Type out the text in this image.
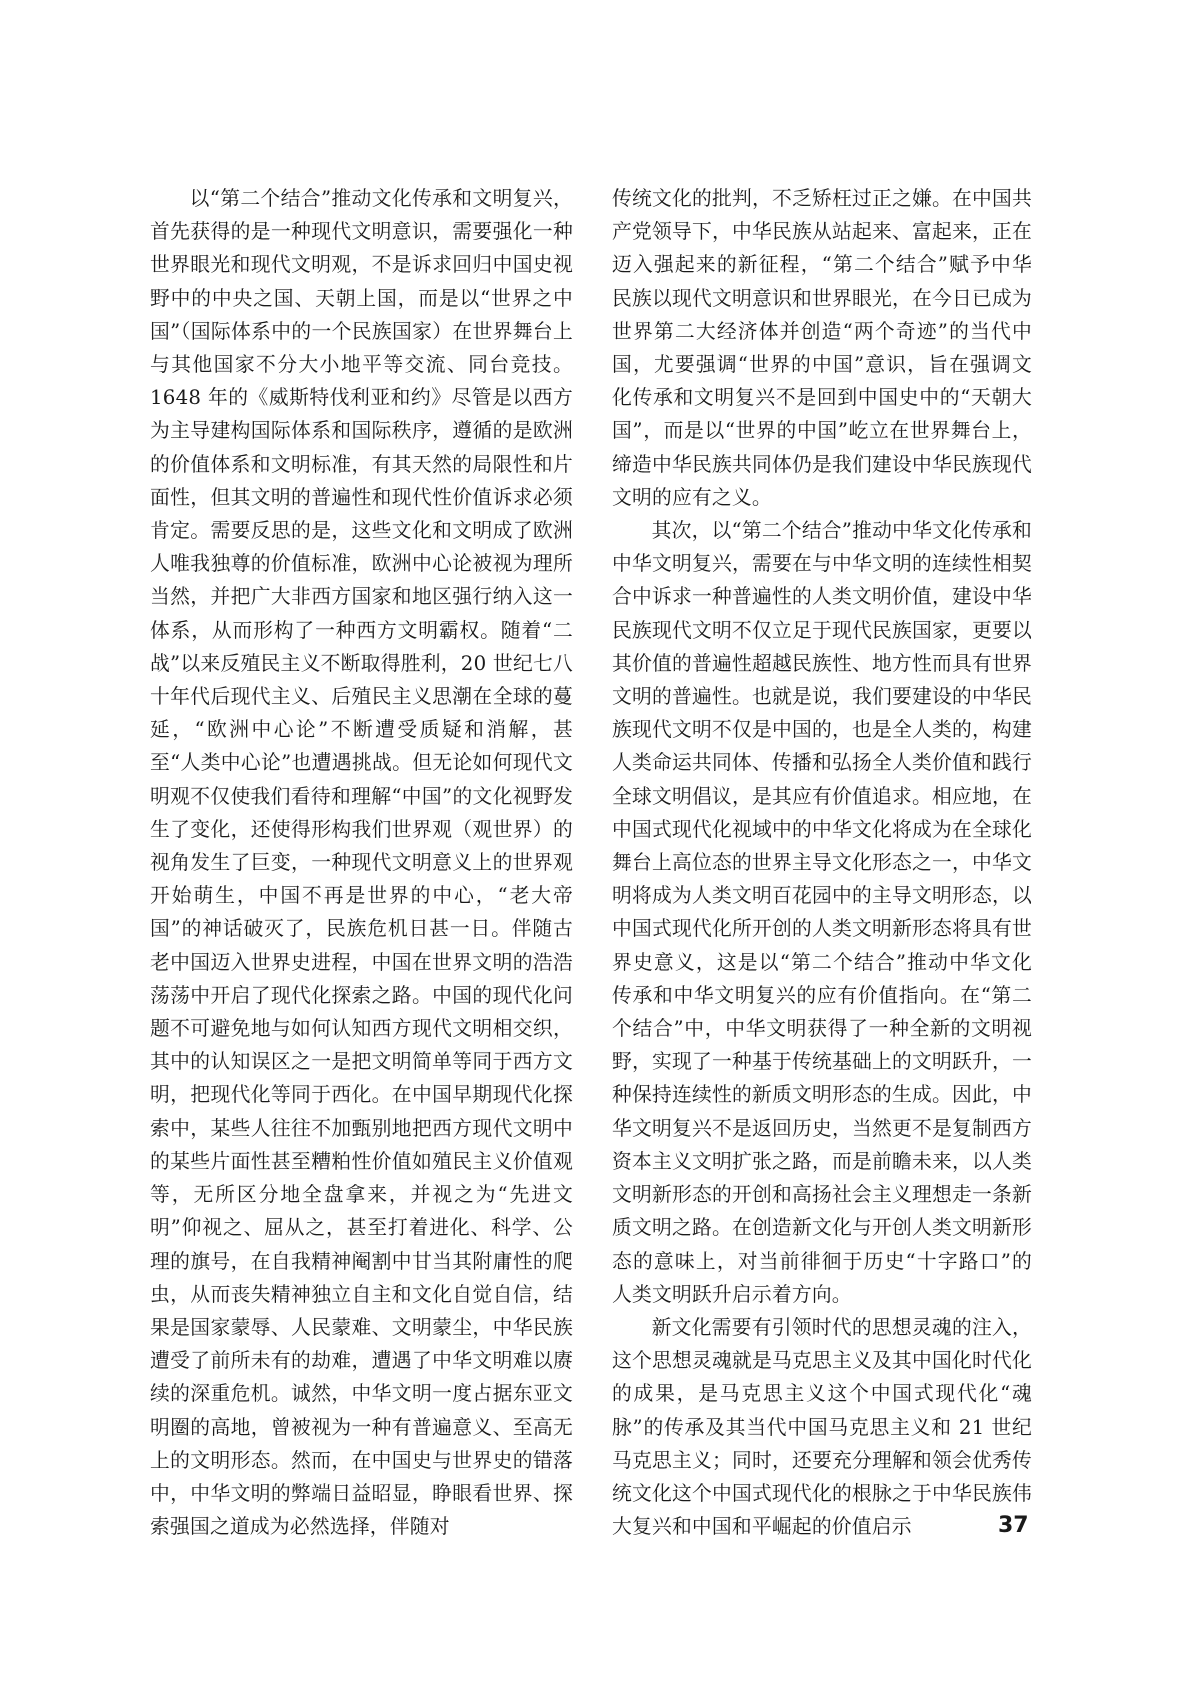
以“第二个结合”推动文化传承和文明复兴，首先获得的是一种现代文明意识，需要强化一种世界眼光和现代文明观，不是诉求回归中国史视野中的中央之国、天朝上国，而是以“世界之中国”（国际体系中的一个民族国家）在世界舞台上与其他国家不分大小地平等交流、同台竞技。1648 年的《威斯特伐利亚和约》尽管是以西方为主导建构国际体系和国际秩序，遵循的是欧洲的价值体系和文明标准，有其天然的局限性和片面性，但其文明的普遍性和现代性价值诉求必须肯定。需要反思的是，这些文化和文明成了欧洲人唯我独尊的价值标准，欧洲中心论被视为理所当然，并把广大非西方国家和地区强行纳入这一体系，从而形构了一种西方文明霸权。随着“二战”以来反殖民主义不断取得胜利，20 世纪七八十年代后现代主义、后殖民主义思潮在全球的蔓延，“欧洲中心论”不断遭受质疑和消解，甚至“人类中心论”也遭遇挑战。但无论如何现代文明观不仅使我们看待和理解“中国”的文化视野发生了变化，还使得形构我们世界观（观世界）的视角发生了巨变，一种现代文明意义上的世界观开始萌生，中国不再是世界的中心，“老大帝国”的神话破灭了，民族危机日甚一日。伴随古老中国迈入世界史进程，中国在世界文明的浩浩荡荡中开启了现代化探索之路。中国的现代化问题不可避免地与如何认知西方现代文明相交织，其中的认知误区之一是把文明简单等同于西方文明，把现代化等同于西化。在中国早期现代化探索中，某些人往往不加甄别地把西方现代文明中的某些片面性甚至糟粕性价值如殖民主义价值观等，无所区分地全盘拿来，并视之为“先进文明”仰视之、屈从之，甚至打着进化、科学、公理的旗号，在自我精神阉割中甘当其附庸性的爬虫，从而丧失精神独立自主和文化自觉自信，结果是国家蒙辱、人民蒙难、文明蒙尘，中华民族遭受了前所未有的劫难，遭遇了中华文明难以赓续的深重危机。诚然，中华文明一度占据东亚文明圈的高地，曾被视为一种有普遍意义、至高无上的文明形态。然而，在中国史与世界史的错落中，中华文明的弊端日益昭显，睁眼看世界、探索强国之道成为必然选择，伴随对

传统文化的批判，不乏矫枉过正之嫌。在中国共产党领导下，中华民族从站起来、富起来，正在迈入强起来的新征程，“第二个结合”赋予中华民族以现代文明意识和世界眼光，在今日已成为世界第二大经济体并创造“两个奇迹”的当代中国，尤要强调“世界的中国”意识，旨在强调文化传承和文明复兴不是回到中国史中的“天朝大国”，而是以“世界的中国”屹立在世界舞台上，缔造中华民族共同体仍是我们建设中华民族现代文明的应有之义。

其次，以“第二个结合”推动中华文化传承和中华文明复兴，需要在与中华文明的连续性相契合中诉求一种普遍性的人类文明价值，建设中华民族现代文明不仅立足于现代民族国家，更要以其价值的普遍性超越民族性、地方性而具有世界文明的普遍性。也就是说，我们要建设的中华民族现代文明不仅是中国的，也是全人类的，构建人类命运共同体、传播和弘扬全人类价值和践行全球文明倡议，是其应有价值追求。相应地，在中国式现代化视域中的中华文化将成为在全球化舞台上高位态的世界主导文化形态之一，中华文明将成为人类文明百花园中的主导文明形态，以中国式现代化所开创的人类文明新形态将具有世界史意义，这是以“第二个结合”推动中华文化传承和中华文明复兴的应有价值指向。在“第二个结合”中，中华文明获得了一种全新的文明视野，实现了一种基于传统基础上的文明跃升，一种保持连续性的新质文明形态的生成。因此，中华文明复兴不是返回历史，当然更不是复制西方资本主义文明扩张之路，而是前瞻未来，以人类文明新形态的开创和高扬社会主义理想走一条新质文明之路。在创造新文化与开创人类文明新形态的意味上，对当前徘徊于历史“十字路口”的人类文明跃升启示着方向。

新文化需要有引领时代的思想灵魂的注入，这个思想灵魂就是马克思主义及其中国化时代化的成果，是马克思主义这个中国式现代化“魂脉”的传承及其当代中国马克思主义和 21 世纪马克思主义；同时，还要充分理解和领会优秀传统文化这个中国式现代化的根脉之于中华民族伟大复兴和中国和平崛起的价值启示	37
